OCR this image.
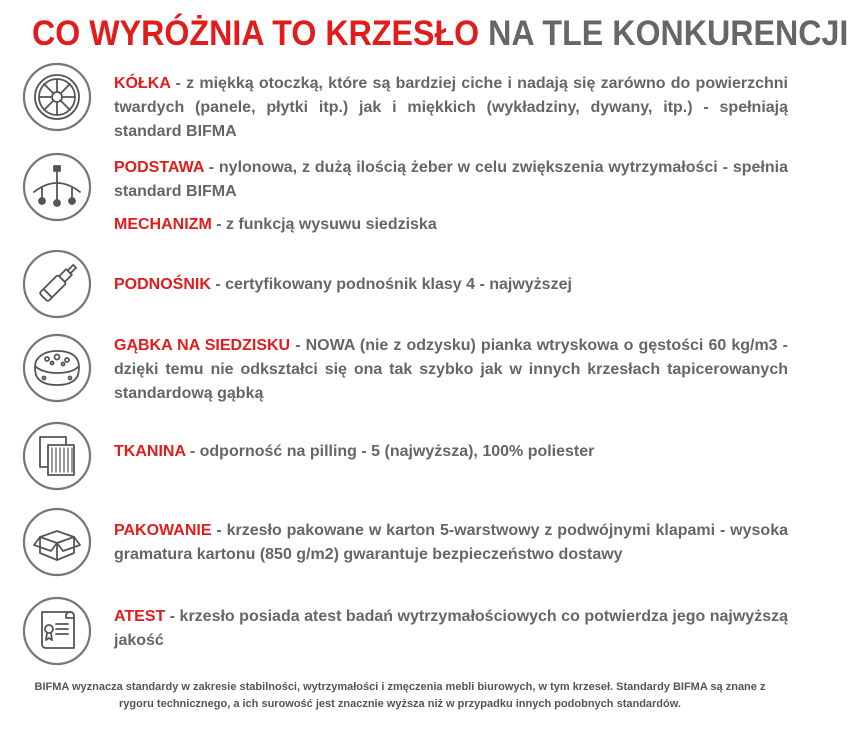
CO WYRÓŻNIA TO KRZESŁO NA TLE KONKURENCJI
KÓŁKA - z miękką otoczką, które są bardziej ciche i nadają się zarówno do powierzchni twardych (panele, płytki itp.) jak i miękkich (wykładziny, dywany, itp.) - spełniają standard BIFMA
PODSTAWA - nylonowa, z dużą ilością żeber w celu zwiększenia wytrzymałości - spełnia standard BIFMA
MECHANIZM - z funkcją wysuwu siedziska
PODNOŚNIK - certyfikowany podnośnik klasy 4 - najwyższej
GĄBKA NA SIEDZISKU - NOWA (nie z odzysku) pianka wtryskowa o gęstości 60 kg/m3 - dzięki temu nie odkształci się ona tak szybko jak w innych krzesłach tapicerowanych standardową gąbką
TKANINA - odporność na pilling - 5 (najwyższa), 100% poliester
PAKOWANIE - krzesło pakowane w karton 5-warstwowy z podwójnymi klapami - wysoka gramatura kartonu (850 g/m2) gwarantuje bezpieczeństwo dostawy
ATEST - krzesło posiada atest badań wytrzymałościowych co potwierdza jego najwyższą jakość
BIFMA wyznacza standardy w zakresie stabilności, wytrzymałości i zmęczenia mebli biurowych, w tym krzeseł. Standardy BIFMA są znane z rygoru technicznego, a ich surowość jest znacznie wyższa niż w przypadku innych podobnych standardów.
